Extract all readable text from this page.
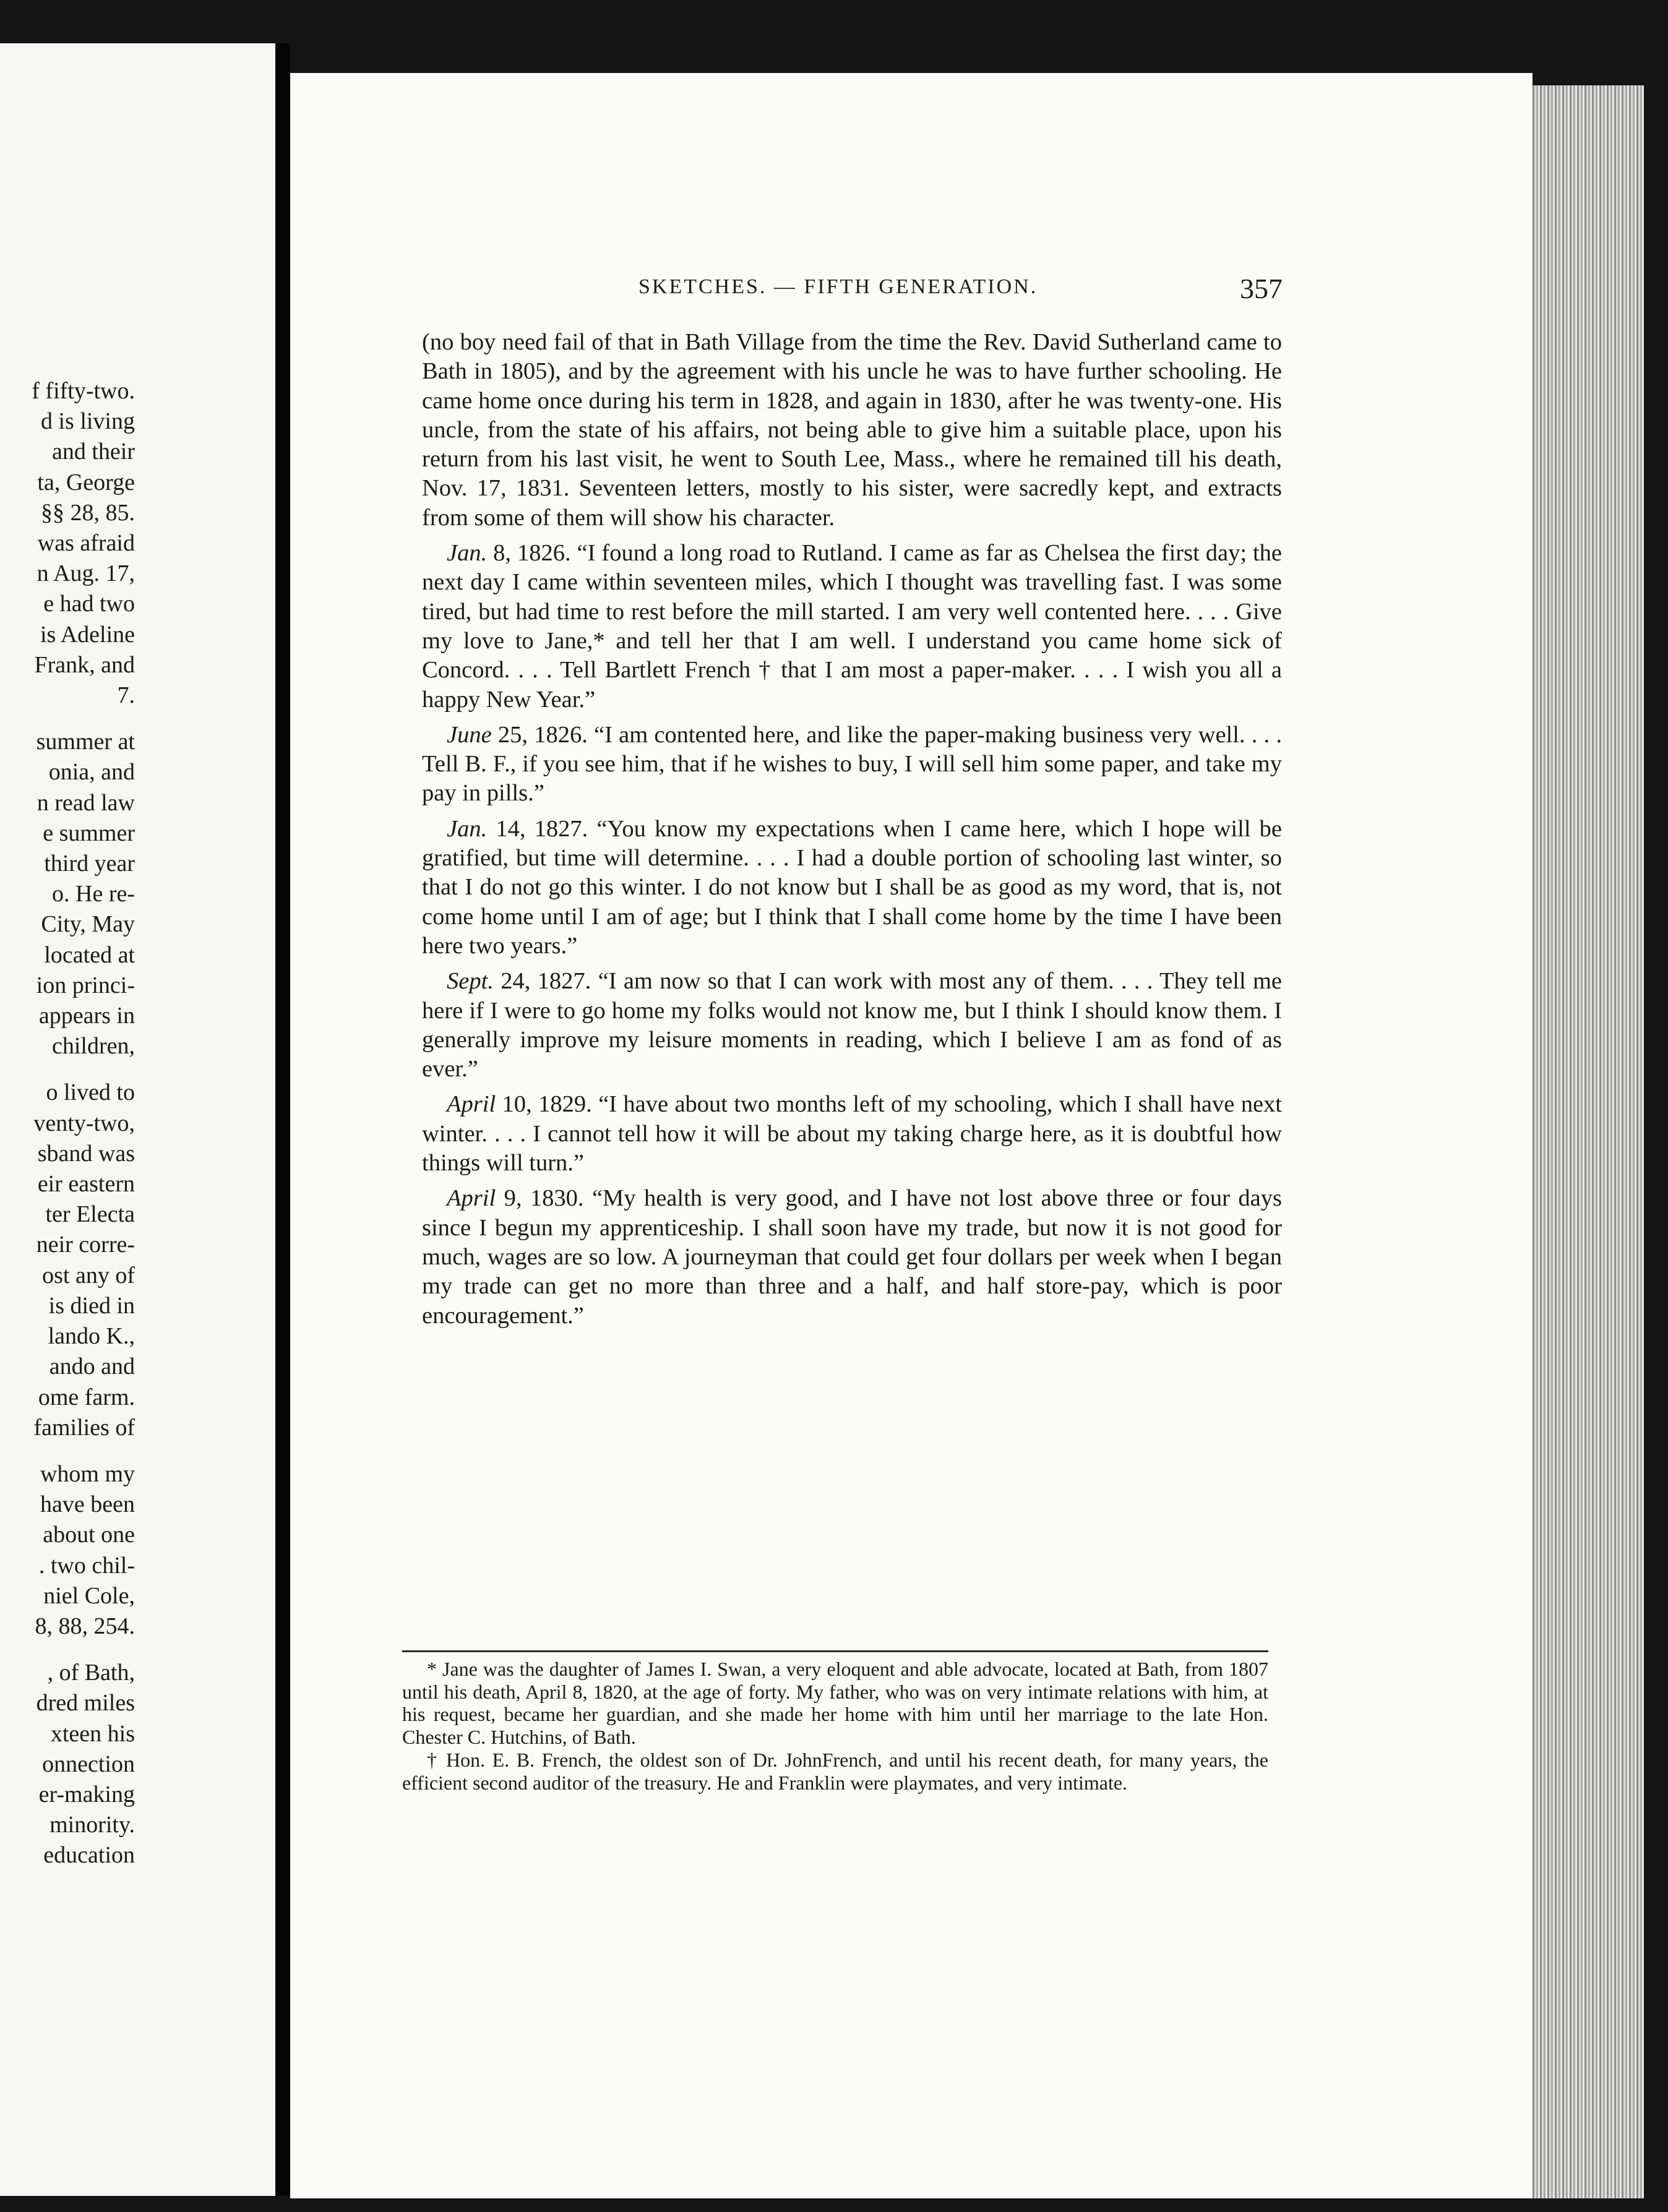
f fifty-two.
d is living
and their
ta, George
§§ 28, 85.
was afraid
n Aug. 17,
e had two
is Adeline
Frank, and
7.
summer at
onia, and
n read law
e summer
third year
o. He re-
City, May
located at
ion princi-
appears in
children,
o lived to
venty-two,
sband was
eir eastern
ter Electa
neir corre-
ost any of
is died in
lando K.,
ando and
ome farm.
families of
whom my
have been
about one
. two chil-
niel Cole,
8, 88, 254.
, of Bath,
dred miles
xteen his
onnection
er-making
minority.
education
SKETCHES. — FIFTH GENERATION.	357

(no boy need fail of that in Bath Village from the time the Rev. David Sutherland came to Bath in 1805), and by the agreement with his uncle he was to have further schooling. He came home once during his term in 1828, and again in 1830, after he was twenty-one. His uncle, from the state of his affairs, not being able to give him a suitable place, upon his return from his last visit, he went to South Lee, Mass., where he remained till his death, Nov. 17, 1831. Seventeen letters, mostly to his sister, were sacredly kept, and extracts from some of them will show his character.

Jan. 8, 1826. “I found a long road to Rutland. I came as far as Chelsea the first day; the next day I came within seventeen miles, which I thought was travelling fast. I was some tired, but had time to rest before the mill started. I am very well contented here. . . . Give my love to Jane,* and tell her that I am well. I understand you came home sick of Concord. . . . Tell Bartlett French † that I am most a paper-maker. . . . I wish you all a happy New Year.”

June 25, 1826. “I am contented here, and like the paper-making business very well. . . . Tell B. F., if you see him, that if he wishes to buy, I will sell him some paper, and take my pay in pills.”

Jan. 14, 1827. “You know my expectations when I came here, which I hope will be gratified, but time will determine. . . . I had a double portion of schooling last winter, so that I do not go this winter. I do not know but I shall be as good as my word, that is, not come home until I am of age; but I think that I shall come home by the time I have been here two years.”

Sept. 24, 1827. “I am now so that I can work with most any of them. . . . They tell me here if I were to go home my folks would not know me, but I think I should know them. I generally improve my leisure moments in reading, which I believe I am as fond of as ever.”

April 10, 1829. “I have about two months left of my schooling, which I shall have next winter. . . . I cannot tell how it will be about my taking charge here, as it is doubtful how things will turn.”

April 9, 1830. “My health is very good, and I have not lost above three or four days since I begun my apprenticeship. I shall soon have my trade, but now it is not good for much, wages are so low. A journeyman that could get four dollars per week when I began my trade can get no more than three and a half, and half store-pay, which is poor encouragement.”

* Jane was the daughter of James I. Swan, a very eloquent and able advocate, located at Bath, from 1807 until his death, April 8, 1820, at the age of forty. My father, who was on very intimate relations with him, at his request, became her guardian, and she made her home with him until her marriage to the late Hon. Chester C. Hutchins, of Bath.

† Hon. E. B. French, the oldest son of Dr. JohnFrench, and until his recent death, for many years, the efficient second auditor of the treasury. He and Franklin were playmates, and very intimate.
